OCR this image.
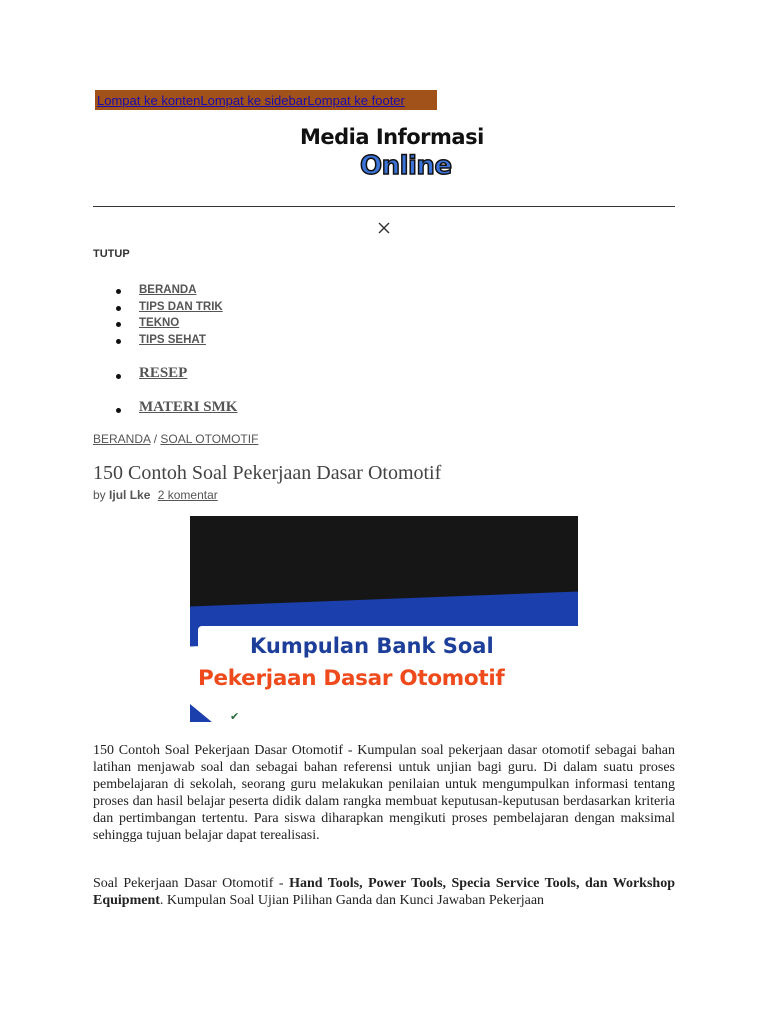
Lompat ke konten Lompat ke sidebar Lompat ke footer
Media Informasi
Online
TUTUP
BERANDA
TIPS DAN TRIK
TEKNO
TIPS SEHAT
RESEP
MATERI SMK
BERANDA / SOAL OTOMOTIF
150 Contoh Soal Pekerjaan Dasar Otomotif
by Ijul Lke 2 komentar
Kumpulan Bank Soal
Pekerjaan Dasar Otomotif
✔

150 Contoh Soal Pekerjaan Dasar Otomotif - Kumpulan soal pekerjaan dasar otomotif sebagai bahan latihan menjawab soal dan sebagai bahan referensi untuk unjian bagi guru. Di dalam suatu proses pembelajaran di sekolah, seorang guru melakukan penilaian untuk mengumpulkan informasi tentang proses dan hasil belajar peserta didik dalam rangka membuat keputusan-keputusan berdasarkan kriteria dan pertimbangan tertentu. Para siswa diharapkan mengikuti proses pembelajaran dengan maksimal sehingga tujuan belajar dapat terealisasi.

Soal Pekerjaan Dasar Otomotif - Hand Tools, Power Tools, Specia Service Tools, dan Workshop Equipment. Kumpulan Soal Ujian Pilihan Ganda dan Kunci Jawaban Pekerjaan
